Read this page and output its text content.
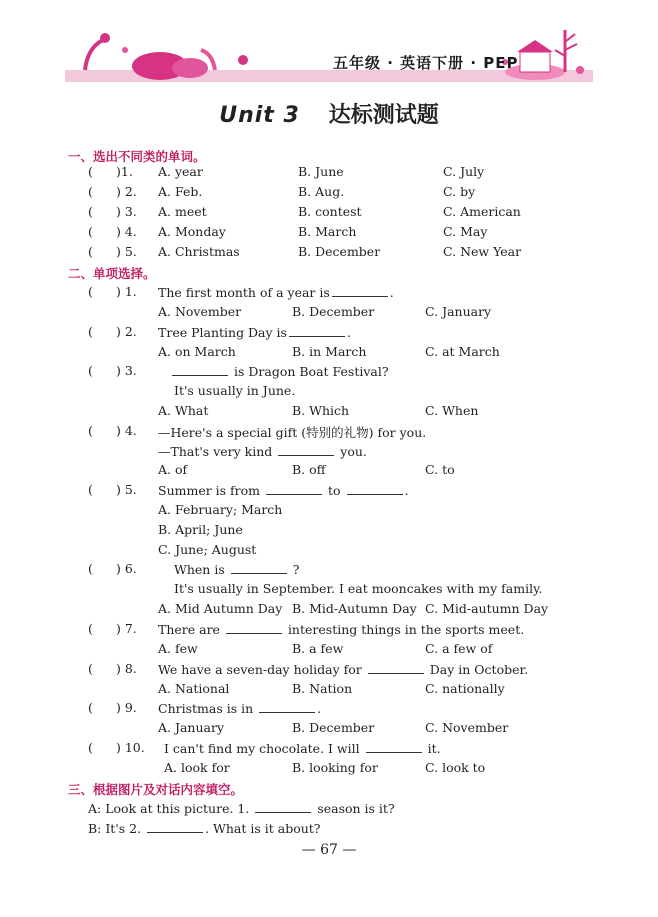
五年级 · 英语下册 · PEP
Unit 3 达标测试题
一、选出不同类的单词。
( )1. A. year	B. June	C. July
( ) 2. A. Feb.	B. Aug.	C. by
( ) 3. A. meet	B. contest	C. American
( ) 4. A. Monday	B. March	C. May
( ) 5. A. Christmas	B. December	C. New Year
二、单项选择。
( ) 1. The first month of a year is	.
A. November	B. December	C. January
( ) 2. Tree Planting Day is	.
A. on March	B. in March	C. at March
( ) 3.	is Dragon Boat Festival?
It's usually in June.
A. What	B. Which	C. When
( ) 4. —Here's a special gift (特别的礼物) for you.
—That's very kind	you.
A. of	B. off	C. to
( ) 5. Summer is from	to	.
A. February; March
B. April; June
C. June; August
( ) 6.	When is	?
It's usually in September. I eat mooncakes with my family.
A. Mid Autumn Day B. Mid-Autumn Day C. Mid-autumn Day
( ) 7. There are	interesting things in the sports meet.
A. few	B. a few	C. a few of
( ) 8. We have a seven-day holiday for	Day in October.
A. National	B. Nation	C. nationally
( ) 9. Christmas is in	.
A. January	B. December	C. November
( ) 10. I can't find my chocolate. I will	it.
A. look for	B. looking for	C. look to
三、根据图片及对话内容填空。
A: Look at this picture. 1.	season is it?
B: It's 2.	. What is it about?
— 67 —
